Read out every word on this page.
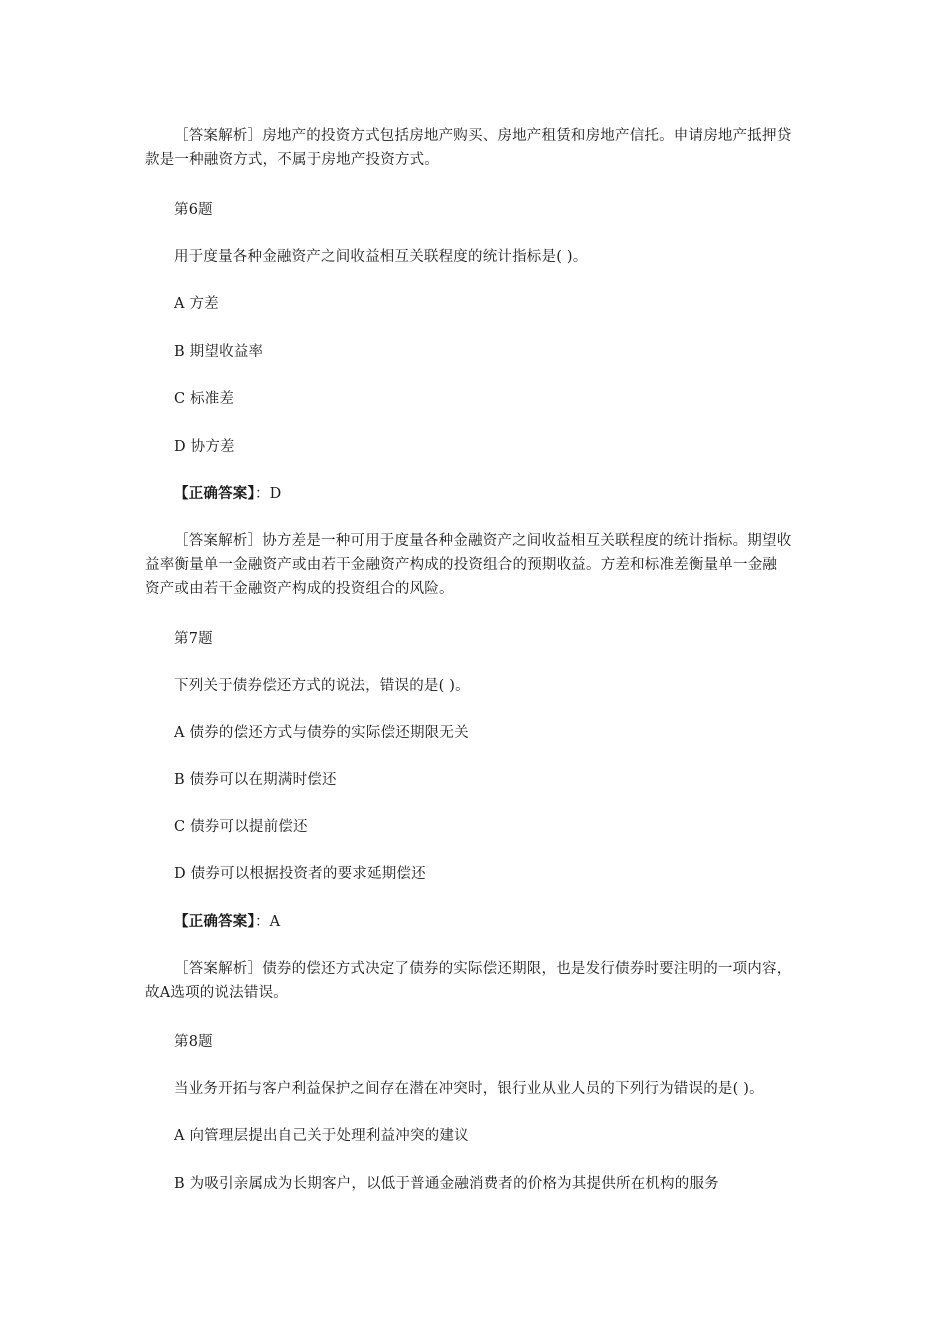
［答案解析］房地产的投资方式包括房地产购买、房地产租赁和房地产信托。申请房地产抵押贷
款是一种融资方式，不属于房地产投资方式。
第6题
用于度量各种金融资产之间收益相互关联程度的统计指标是( )。
A 方差
B 期望收益率
C 标准差
D 协方差
【正确答案】：D
［答案解析］协方差是一种可用于度量各种金融资产之间收益相互关联程度的统计指标。期望收
益率衡量单一金融资产或由若干金融资产构成的投资组合的预期收益。方差和标准差衡量单一金融
资产或由若干金融资产构成的投资组合的风险。
第7题
下列关于债券偿还方式的说法，错误的是( )。
A 债券的偿还方式与债券的实际偿还期限无关
B 债券可以在期满时偿还
C 债券可以提前偿还
D 债券可以根据投资者的要求延期偿还
【正确答案】：A
［答案解析］债券的偿还方式决定了债券的实际偿还期限，也是发行债券时要注明的一项内容，
故A选项的说法错误。
第8题
当业务开拓与客户利益保护之间存在潜在冲突时，银行业从业人员的下列行为错误的是( )。
A 向管理层提出自己关于处理利益冲突的建议
B 为吸引亲属成为长期客户，以低于普通金融消费者的价格为其提供所在机构的服务
